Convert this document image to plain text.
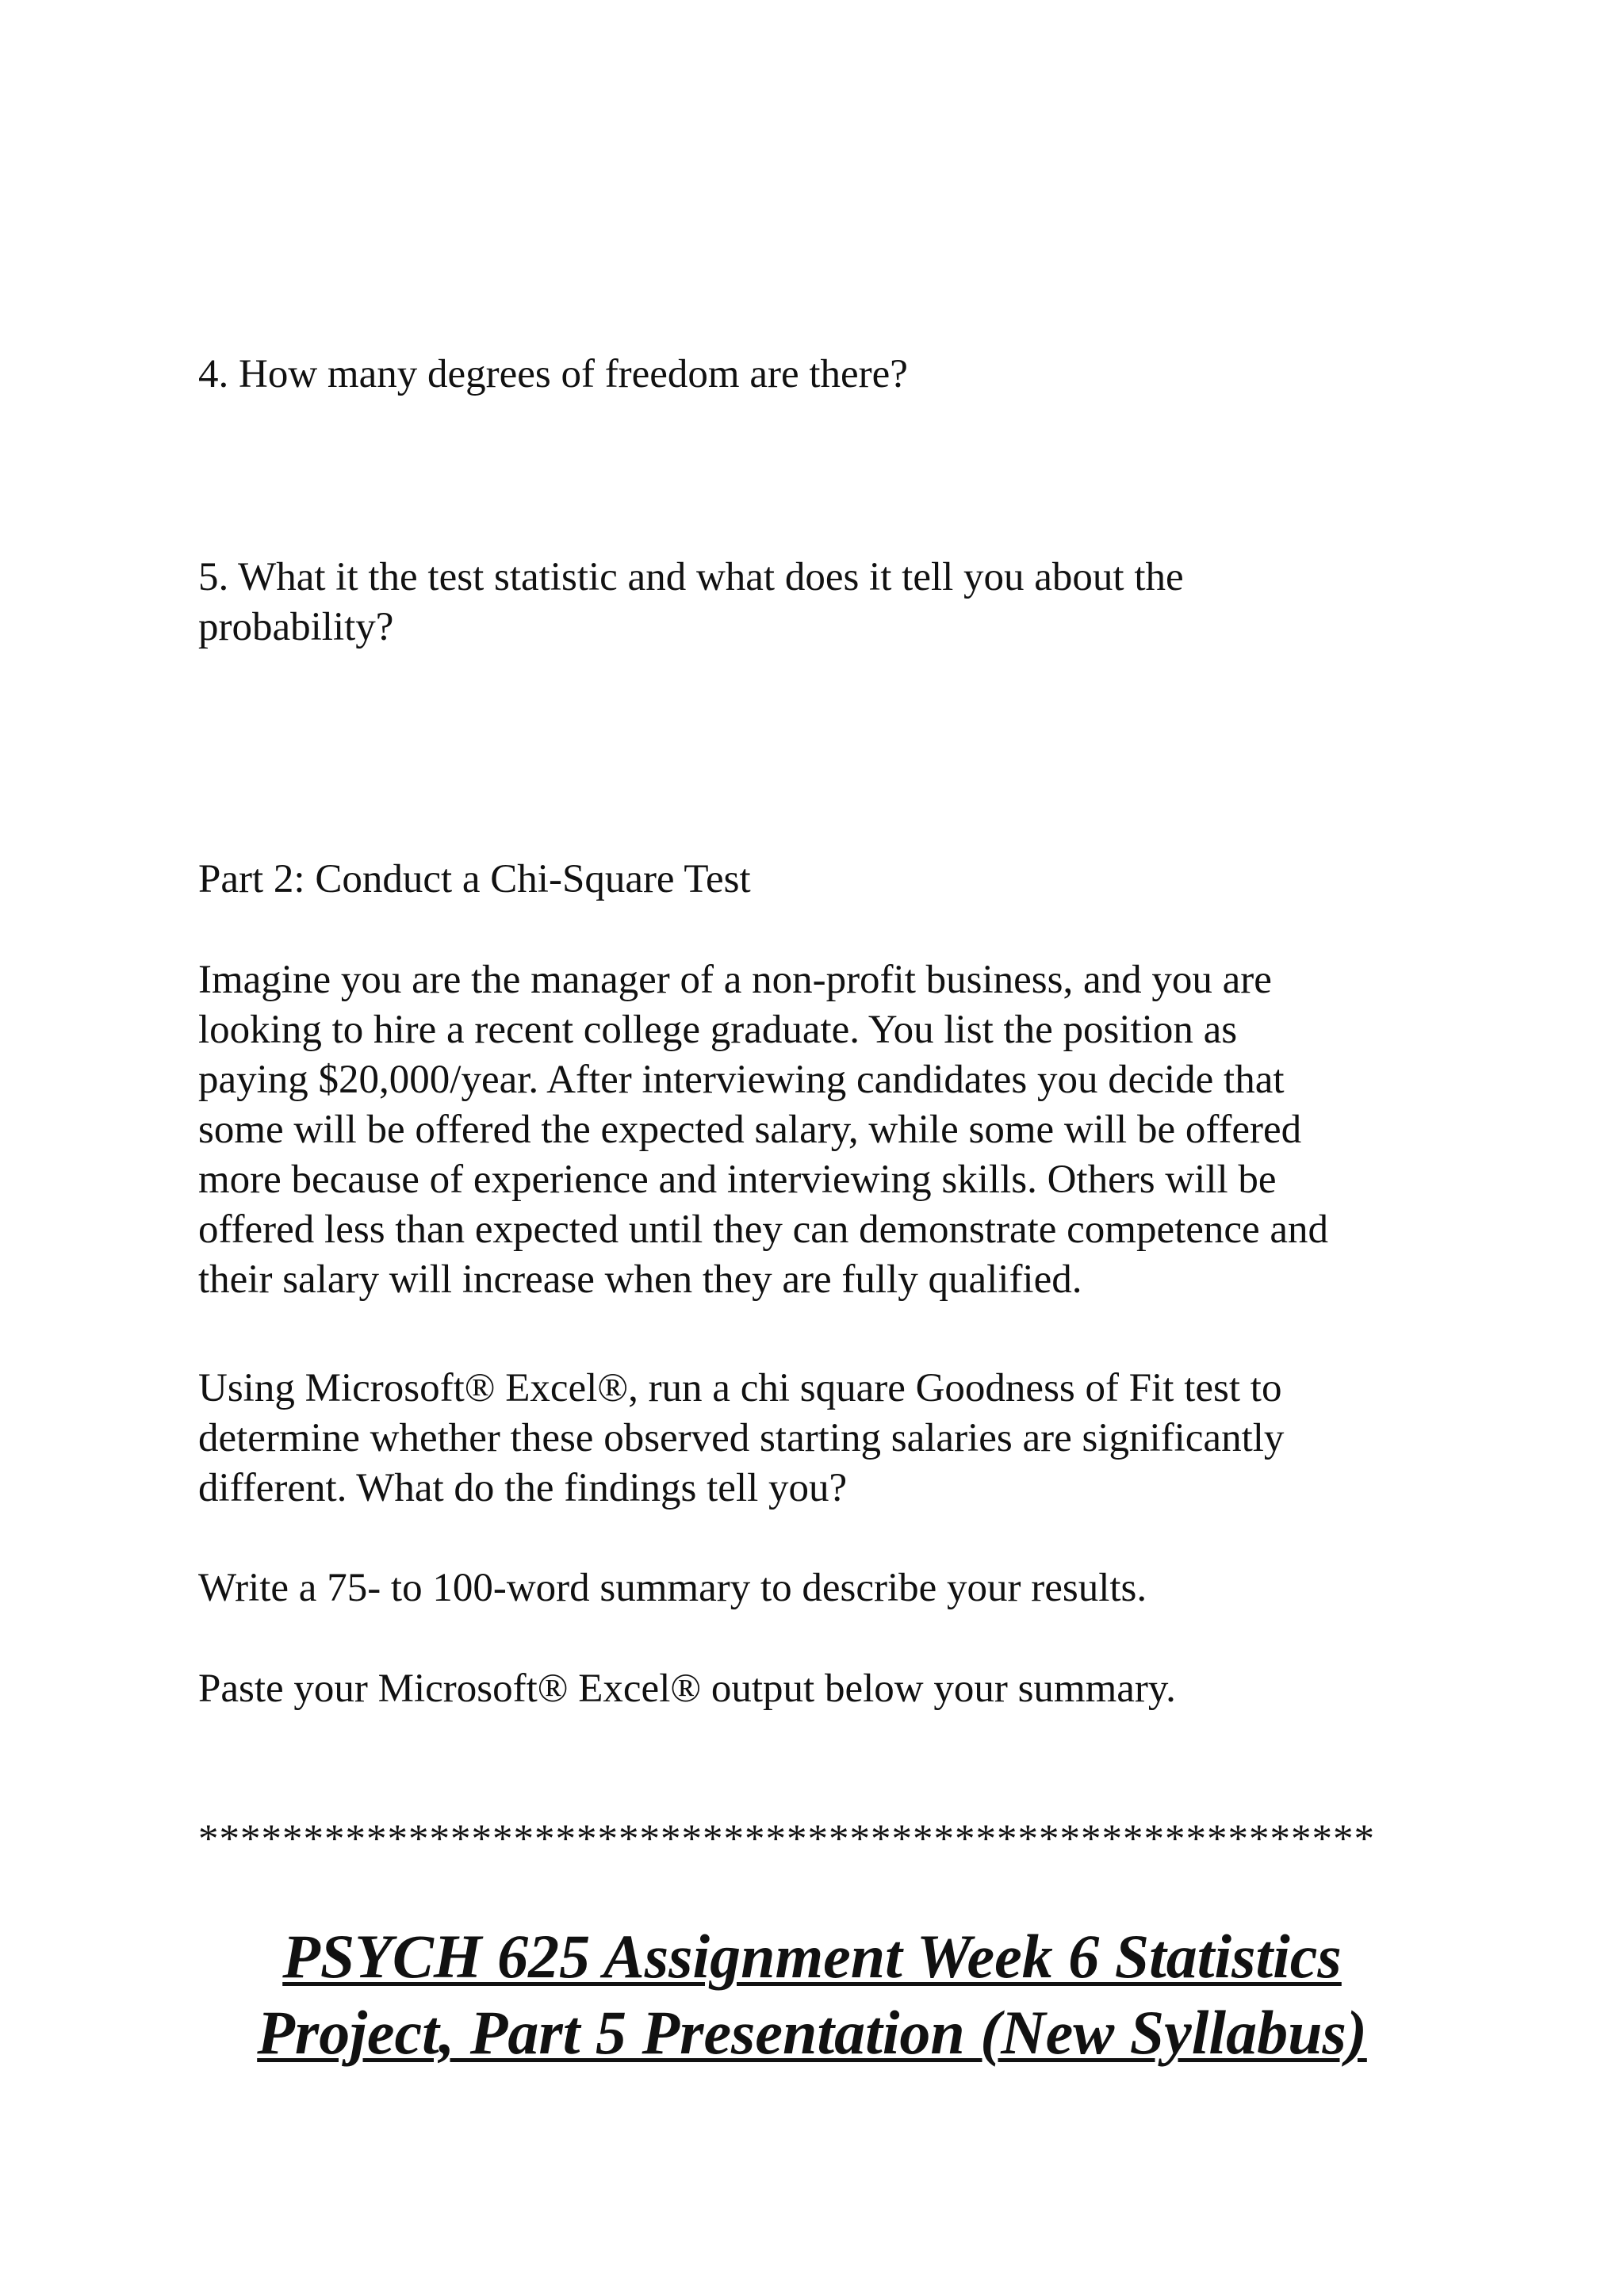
4. How many degrees of freedom are there?

5. What it the test statistic and what does it tell you about the
probability?

Part 2: Conduct a Chi-Square Test

Imagine you are the manager of a non-profit business, and you are
looking to hire a recent college graduate. You list the position as
paying $20,000/year. After interviewing candidates you decide that
some will be offered the expected salary, while some will be offered
more because of experience and interviewing skills. Others will be
offered less than expected until they can demonstrate competence and
their salary will increase when they are fully qualified.

Using Microsoft® Excel®, run a chi square Goodness of Fit test to
determine whether these observed starting salaries are significantly
different. What do the findings tell you?

Write a 75- to 100-word summary to describe your results.

Paste your Microsoft® Excel® output below your summary.

********************************************************

PSYCH 625 Assignment Week 6 Statistics
Project, Part 5 Presentation (New Syllabus)
